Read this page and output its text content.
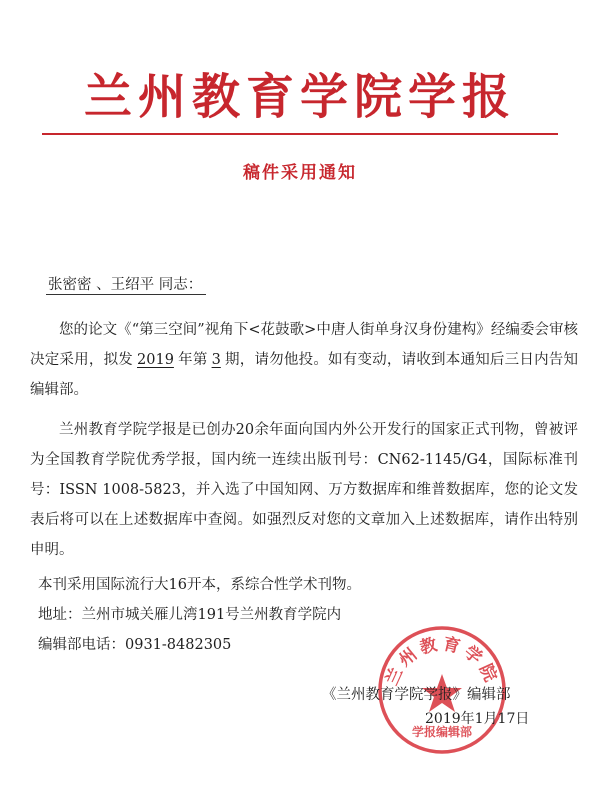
兰州教育学院学报
稿件采用通知
张密密 、王绍平 同志：

您的论文《“第三空间”视角下<花鼓歌>中唐人街单身汉身份建构》经编委会审核决定采用，拟发 2019 年第 3 期，请勿他投。如有变动，请收到本通知后三日内告知编辑部。

兰州教育学院学报是已创办20余年面向国内外公开发行的国家正式刊物，曾被评为全国教育学院优秀学报，国内统一连续出版刊号：CN62-1145/G4，国际标准刊号：ISSN 1008-5823，并入选了中国知网、万方数据库和维普数据库，您的论文发表后将可以在上述数据库中查阅。如强烈反对您的文章加入上述数据库，请作出特别申明。

本刊采用国际流行大16开本，系综合性学术刊物。
地址：兰州市城关雁儿湾191号兰州教育学院内
编辑部电话：0931-8482305
兰州教育学院
学报编辑部
《兰州教育学院学报》编辑部
2019年1月17日
